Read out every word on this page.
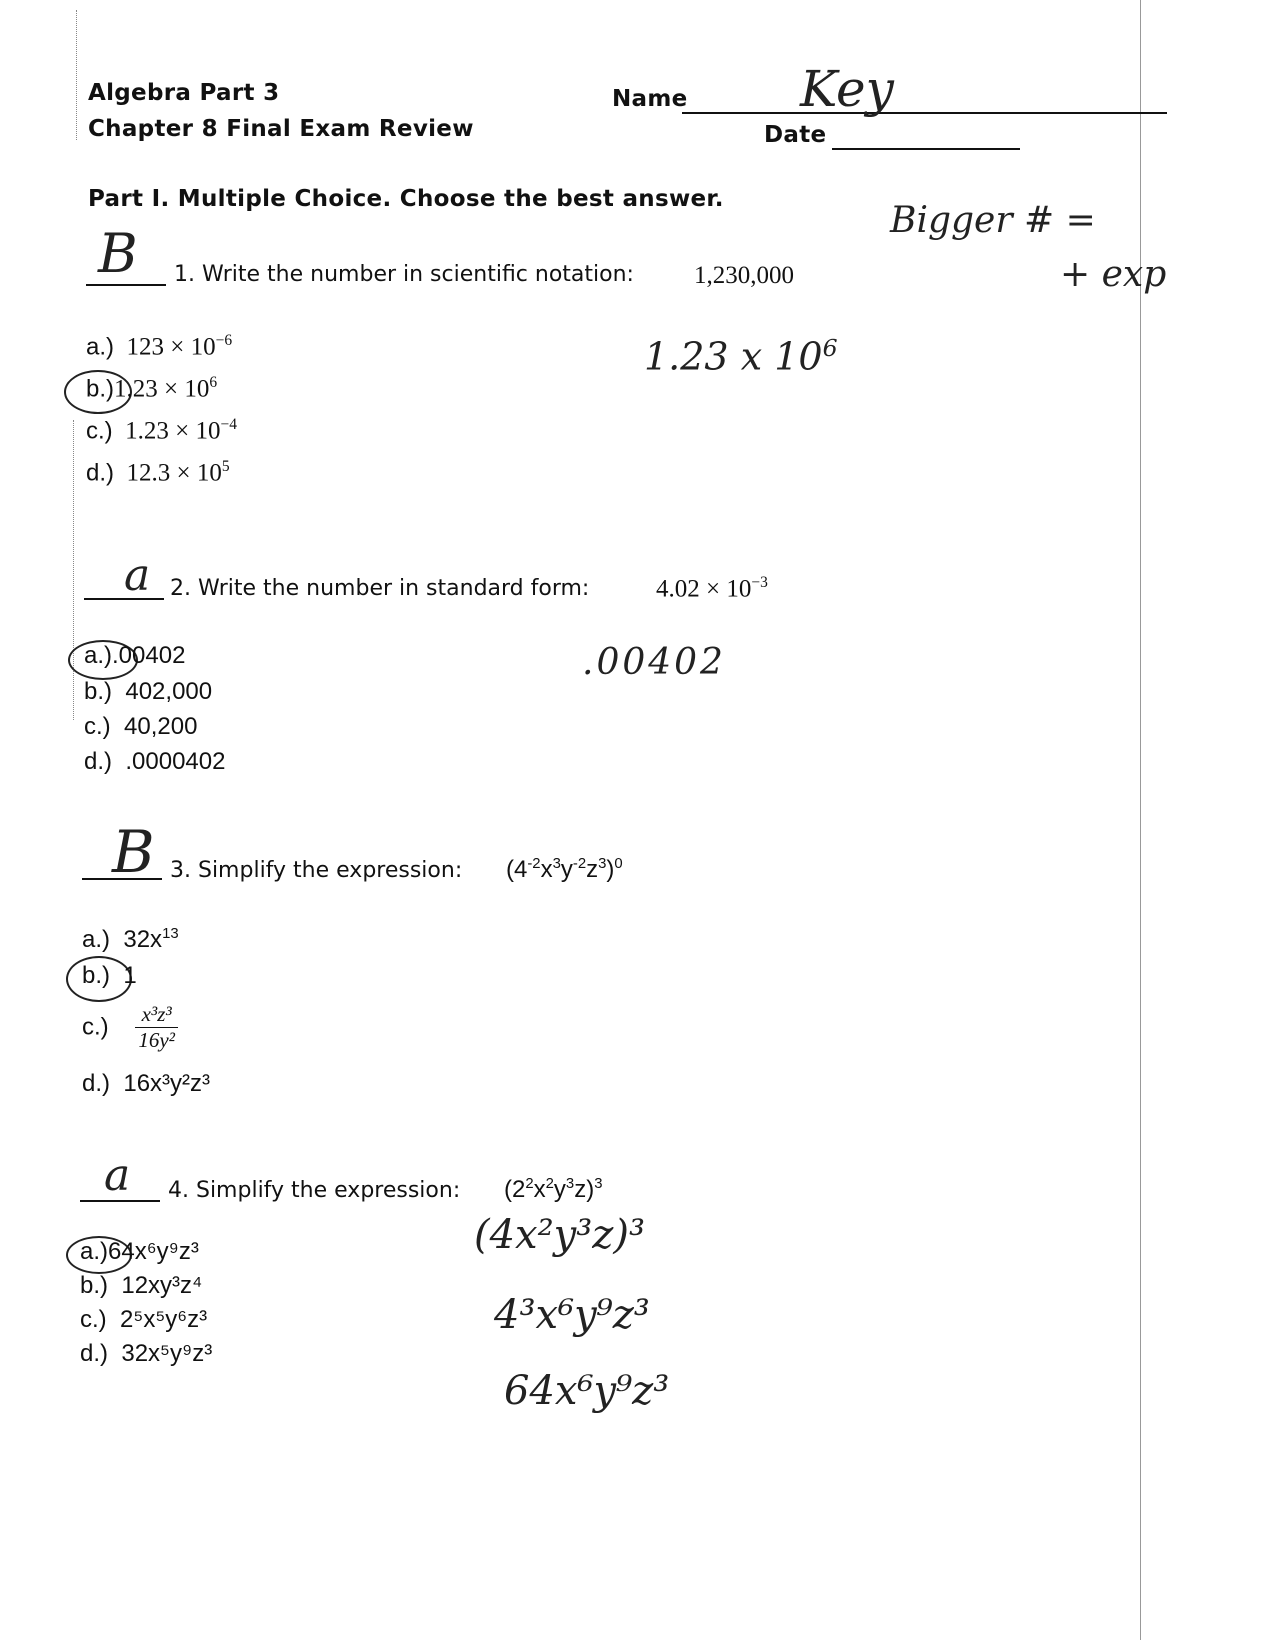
Algebra Part 3
Chapter 8 Final Exam Review
Name Key
Date
Part I. Multiple Choice. Choose the best answer.
Bigger # =
+ exp
B 1. Write the number in scientific notation: 1,230,000
1.23 x $10^6$
a.) $123 \times 10^{-6}$
$b.)1.23 \times 10^6$
c.) $1.23 \times 10^{-4}$
d.) $12.3 \times 10^5$
a 2. Write the number in standard form:	$4.02 \times 10^{-3}$
.00402
a.).00402
b.) 402,000
c.) 40,200
d.) .0000402
B 3. Simplify the expression: $(4^{-2}x^3y^{-2}z^3)^0$
a.) $32x^{13}$
b.) 1
$c.) \frac{\text{x³z³}}{\text{16y²}}$
d.) 16x³y²z³
a 4. Simplify the expression: $(2^2x^2y^3z)^3$
(4x²y³z)³
4³x⁶y⁹z³
64x⁶y⁹z³
a.)64x⁶y⁹z³
b.) 12xy³z⁴
c.) 2⁵x⁵y⁶z³
d.) 32x⁵y⁹z³
